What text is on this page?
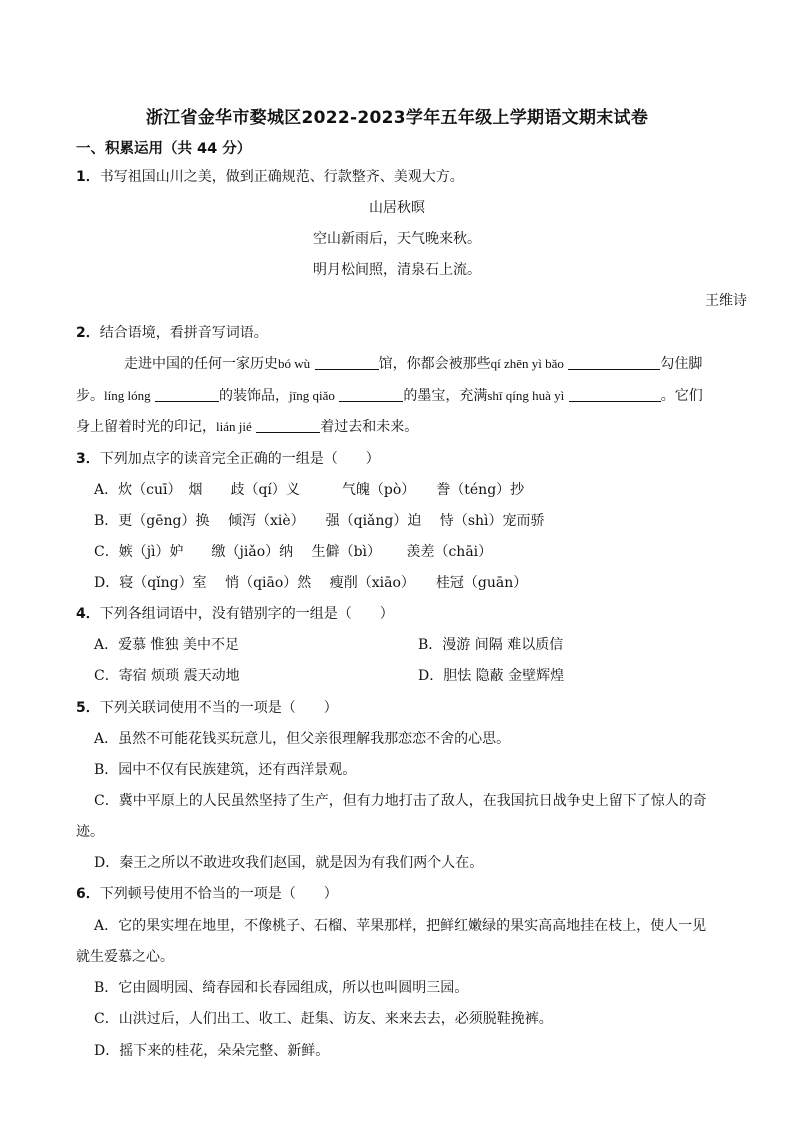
浙江省金华市婺城区2022-2023学年五年级上学期语文期末试卷
一、积累运用（共 44 分）
1．书写祖国山川之美，做到正确规范、行款整齐、美观大方。
山居秋暝
空山新雨后，天气晚来秋。
明月松间照，清泉石上流。
王维诗
2．结合语境，看拼音写词语。
走进中国的任何一家历史bó wù	馆，你都会被那些qí zhēn yì bǎo	勾住脚
步。líng lóng	的装饰品，jīng qiǎo	的墨宝，充满shī qíng huà yì	。它们
身上留着时光的印记，lián jié	着过去和未来。
3．下列加点字的读音完全正确的一组是（　　）
A．炊（cuī）　烟　　歧（qí）义　　　气魄（pò）　　誊（téng）抄
B．更（gēng）换　 倾泻（xiè）　　强（qiǎng）迫　 恃（shì）宠而骄
C．嫉（jì）妒　　缴（jiǎo）纳　 生僻（bì）　　 羡差（chāi）
D．寝（qǐng）室　 悄（qiāo）然　 瘦削（xiāo）　　桂冠（guān）
4．下列各组词语中，没有错别字的一组是（　　）
A．爱慕 惟独 美中不足	B．漫游 间隔 难以质信
C．寄宿 烦琐 震天动地	D．胆怯 隐蔽 金壁辉煌
5．下列关联词使用不当的一项是（　　）
A．虽然不可能花钱买玩意儿，但父亲很理解我那恋恋不舍的心思。
B．园中不仅有民族建筑，还有西洋景观。
C．冀中平原上的人民虽然坚持了生产，但有力地打击了敌人，在我国抗日战争史上留下了惊人的奇
迹。
D．秦王之所以不敢进攻我们赵国，就是因为有我们两个人在。
6．下列顿号使用不恰当的一项是（　　）
A．它的果实埋在地里，不像桃子、石榴、苹果那样，把鲜红嫩绿的果实高高地挂在枝上，使人一见
就生爱慕之心。
B．它由圆明园、绮春园和长春园组成，所以也叫圆明三园。
C．山洪过后，人们出工、收工、赶集、访友、来来去去，必须脱鞋挽裤。
D．摇下来的桂花，朵朵完整、新鲜。
